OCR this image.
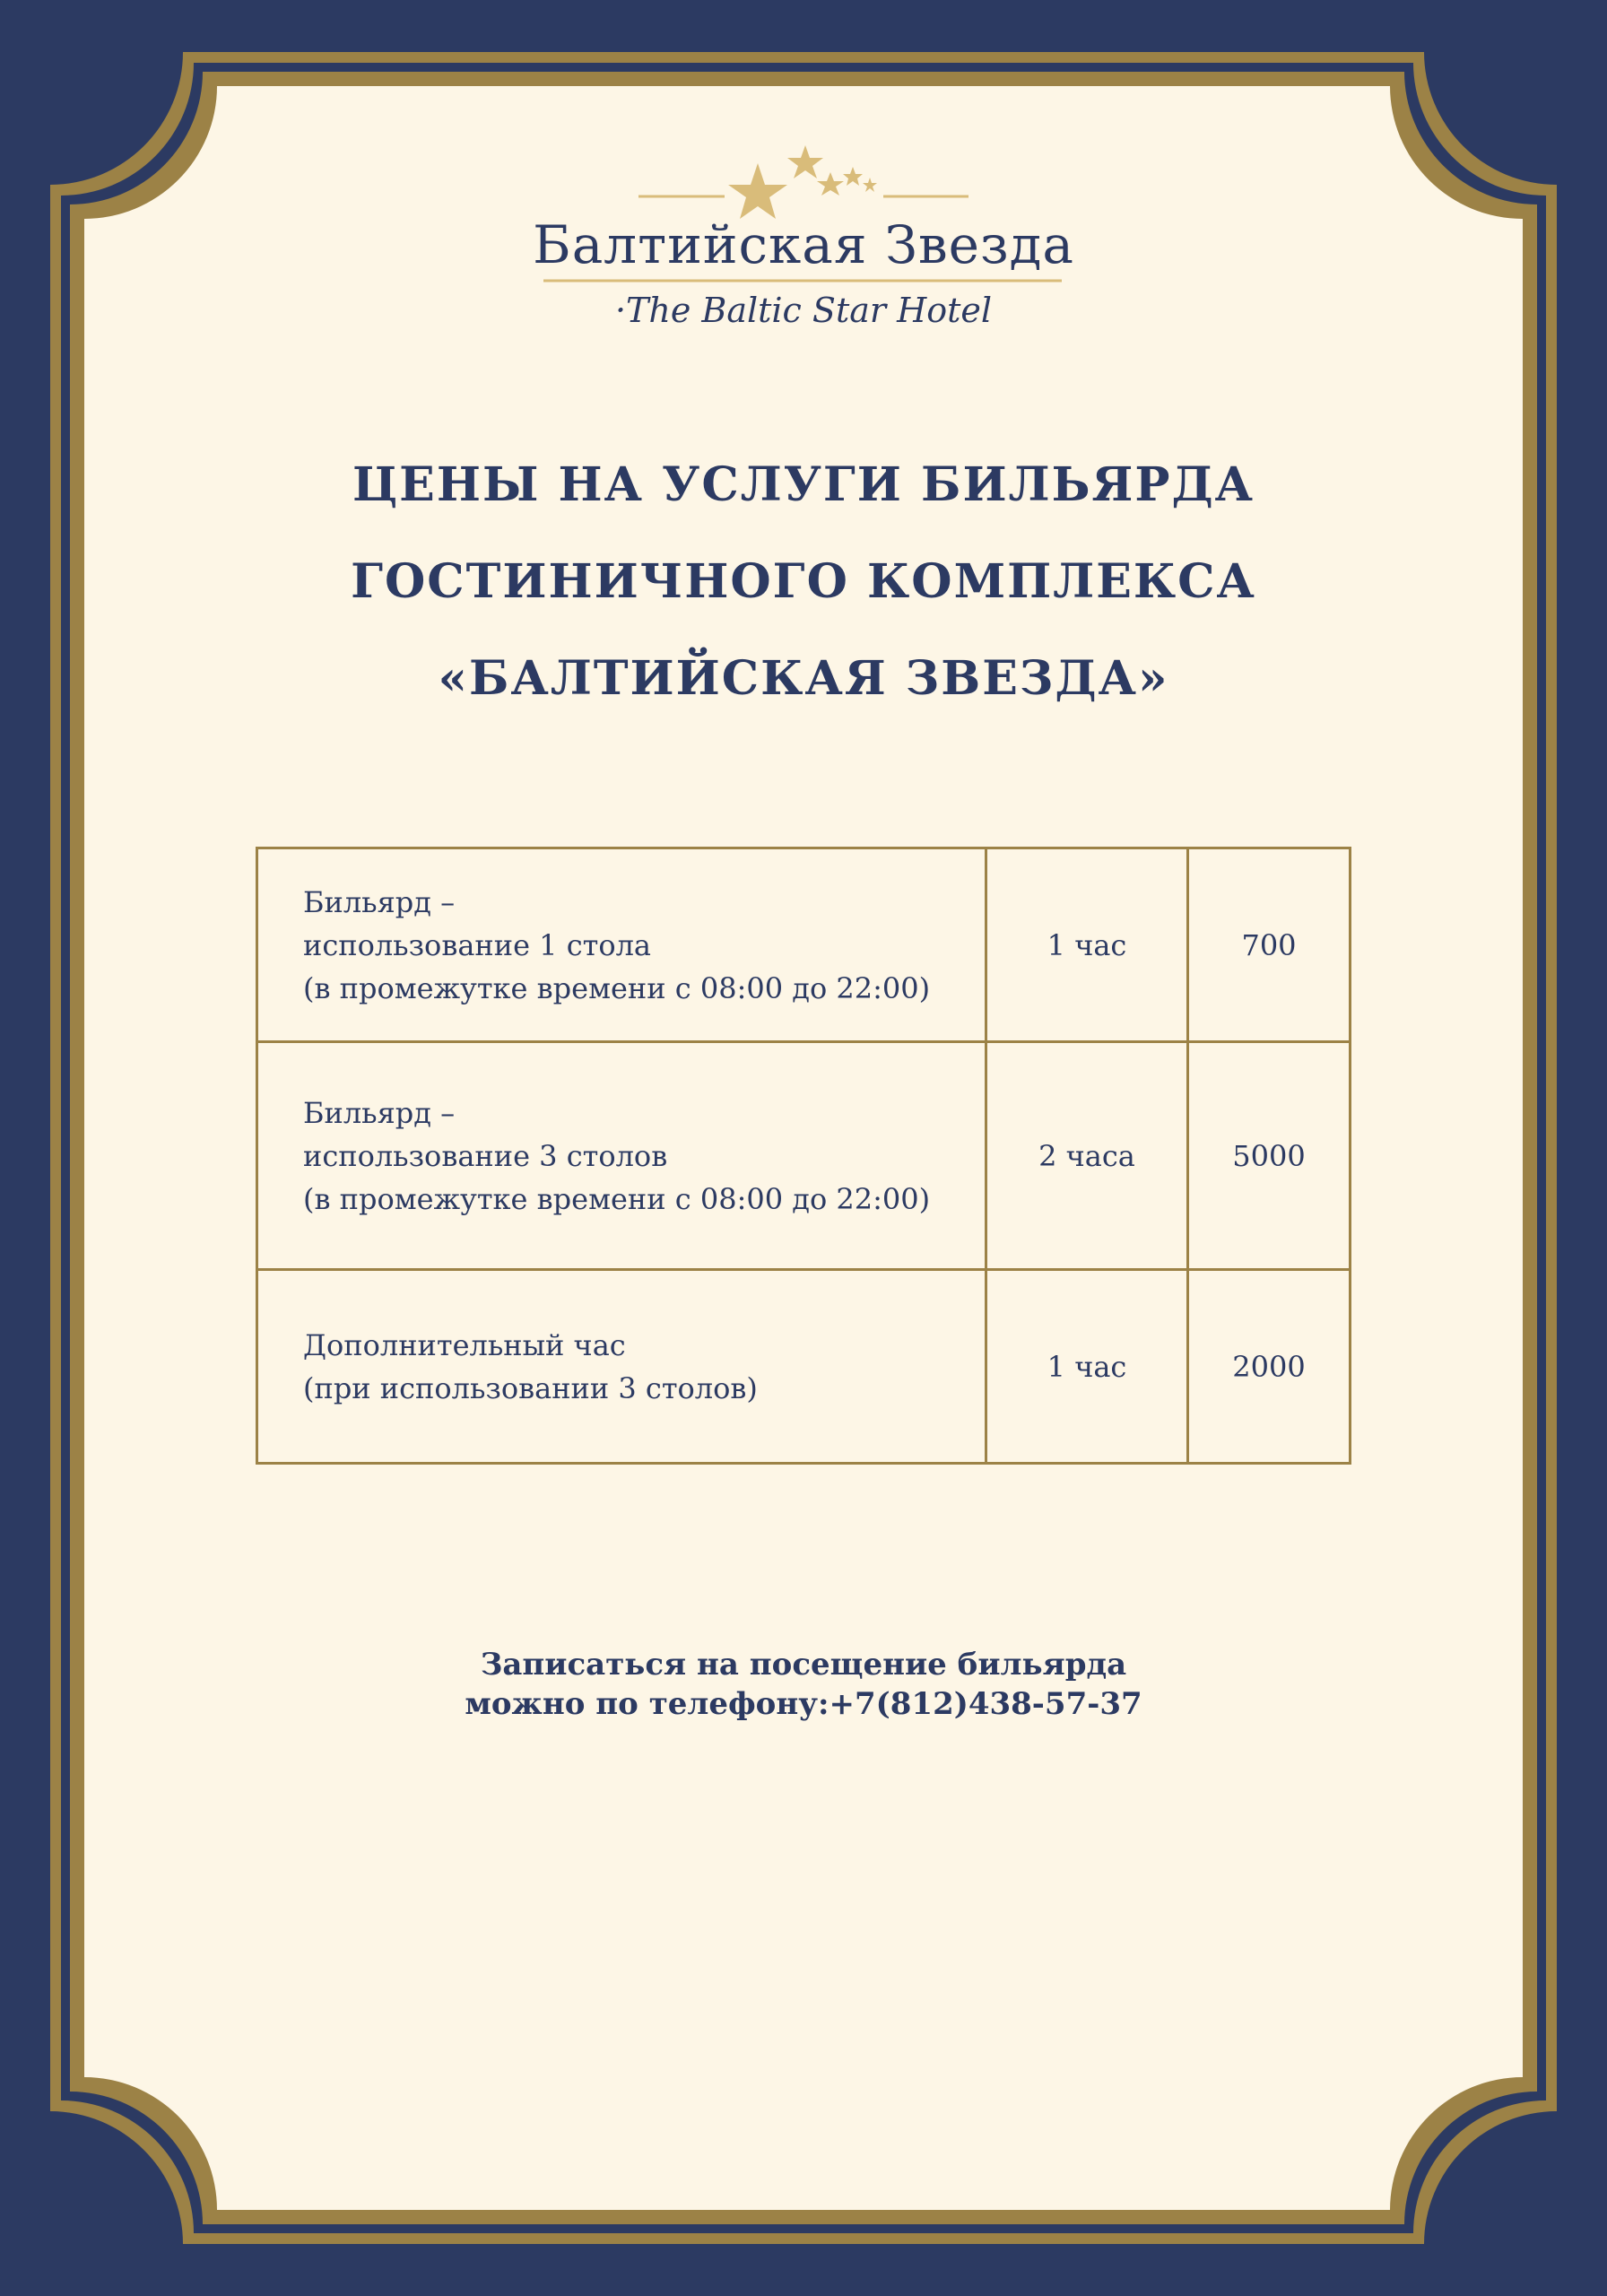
Балтийская Звезда
·The Baltic Star Hotel
ЦЕНЫ НА УСЛУГИ БИЛЬЯРДА
ГОСТИНИЧНОГО КОМПЛЕКСА
«БАЛТИЙСКАЯ ЗВЕЗДА»
Бильярд –
использование 1 стола
(в промежутке времени с 08:00 до 22:00)	1 час	700

Бильярд –
использование 3 столов
(в промежутке времени с 08:00 до 22:00)	2 часа	5000

Дополнительный час
(при использовании 3 столов)	1 час	2000
Записаться на посещение бильярда
можно по телефону:+7(812)438-57-37
